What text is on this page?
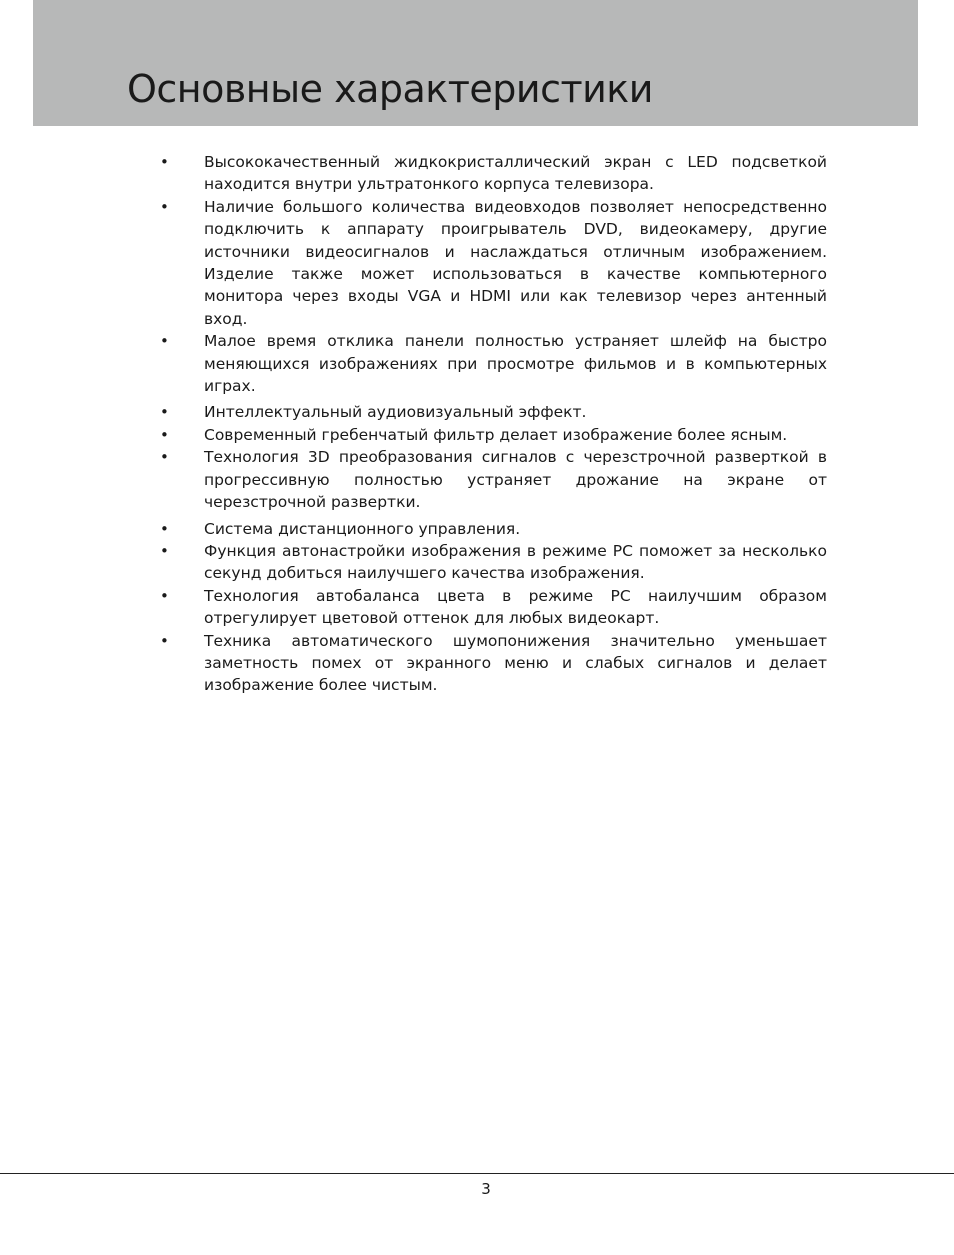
Основные характеристики
• Высококачественный жидкокристаллический экран с LED подсветкой находится внутри ультратонкого корпуса телевизора.
• Наличие большого количества видеовходов позволяет непосредственно подключить к аппарату проигрыватель DVD, видеокамеру, другие источники видеосигналов и наслаждаться отличным изображением. Изделие также может использоваться в качестве компьютерного монитора через входы VGA и HDMI или как телевизор через антенный вход.
• Малое время отклика панели полностью устраняет шлейф на быстро меняющихся изображениях при просмотре фильмов и в компьютерных играх.
• Интеллектуальный аудиовизуальный эффект.
• Современный гребенчатый фильтр делает изображение более ясным.
• Технология 3D преобразования сигналов с черезстрочной разверткой в прогрессивную полностью устраняет дрожание на экране от черезстрочной развертки.
• Система дистанционного управления.
• Функция автонастройки изображения в режиме PC поможет за несколько секунд добиться наилучшего качества изображения.
• Технология автобаланса цвета в режиме PC наилучшим образом отрегулирует цветовой оттенок для любых видеокарт.
• Техника автоматического шумопонижения значительно уменьшает заметность помех от экранного меню и слабых сигналов и делает изображение более чистым.
3
